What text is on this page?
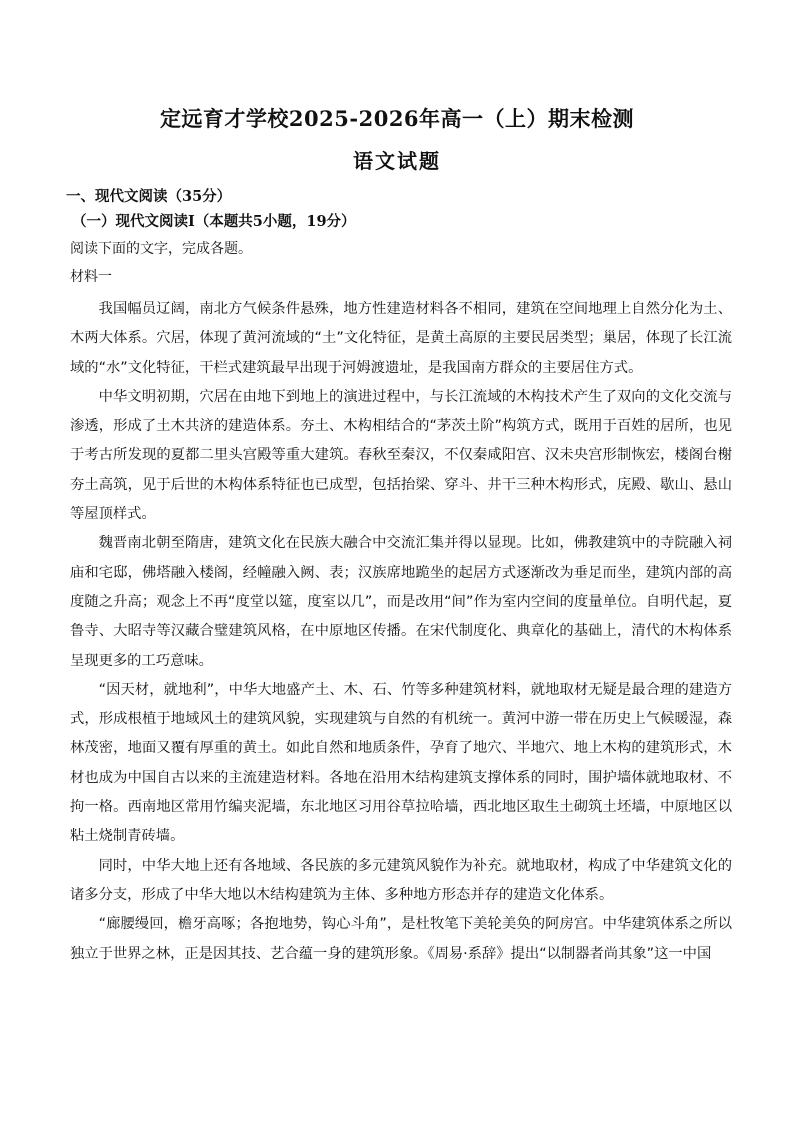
定远育才学校2025-2026年高一（上）期末检测
语文试题
一、现代文阅读（35分）
（一）现代文阅读Ⅰ（本题共5小题，19分）
阅读下面的文字，完成各题。
材料一

我国幅员辽阔，南北方气候条件悬殊，地方性建造材料各不相同，建筑在空间地理上自然分化为土、木两大体系。穴居，体现了黄河流域的“土”文化特征，是黄土高原的主要民居类型；巢居，体现了长江流域的“水”文化特征，干栏式建筑最早出现于河姆渡遗址，是我国南方群众的主要居住方式。

中华文明初期，穴居在由地下到地上的演进过程中，与长江流域的木构技术产生了双向的文化交流与渗透，形成了土木共济的建造体系。夯土、木构相结合的“茅茨土阶”构筑方式，既用于百姓的居所，也见于考古所发现的夏都二里头宫殿等重大建筑。春秋至秦汉，不仅秦咸阳宫、汉未央宫形制恢宏，楼阁台榭夯土高筑，见于后世的木构体系特征也已成型，包括抬梁、穿斗、井干三种木构形式，庑殿、歇山、悬山等屋顶样式。

魏晋南北朝至隋唐，建筑文化在民族大融合中交流汇集并得以显现。比如，佛教建筑中的寺院融入祠庙和宅邸，佛塔融入楼阁，经幢融入阙、表；汉族席地跪坐的起居方式逐渐改为垂足而坐，建筑内部的高度随之升高；观念上不再“度堂以筵，度室以几”，而是改用“间”作为室内空间的度量单位。自明代起，夏鲁寺、大昭寺等汉藏合璧建筑风格，在中原地区传播。在宋代制度化、典章化的基础上，清代的木构体系呈现更多的工巧意味。

“因天材，就地利”，中华大地盛产土、木、石、竹等多种建筑材料，就地取材无疑是最合理的建造方式，形成根植于地域风土的建筑风貌，实现建筑与自然的有机统一。黄河中游一带在历史上气候暖湿，森林茂密，地面又覆有厚重的黄土。如此自然和地质条件，孕育了地穴、半地穴、地上木构的建筑形式，木材也成为中国自古以来的主流建造材料。各地在沿用木结构建筑支撑体系的同时，围护墙体就地取材、不拘一格。西南地区常用竹编夹泥墙，东北地区习用谷草拉哈墙，西北地区取生土砌筑土坯墙，中原地区以粘土烧制青砖墙。

同时，中华大地上还有各地域、各民族的多元建筑风貌作为补充。就地取材，构成了中华建筑文化的诸多分支，形成了中华大地以木结构建筑为主体、多种地方形态并存的建造文化体系。

“廊腰缦回，檐牙高啄；各抱地势，钩心斗角”，是杜牧笔下美轮美奂的阿房宫。中华建筑体系之所以独立于世界之林，正是因其技、艺合蕴一身的建筑形象。《周易·系辞》提出“以制器者尚其象”这一中国
